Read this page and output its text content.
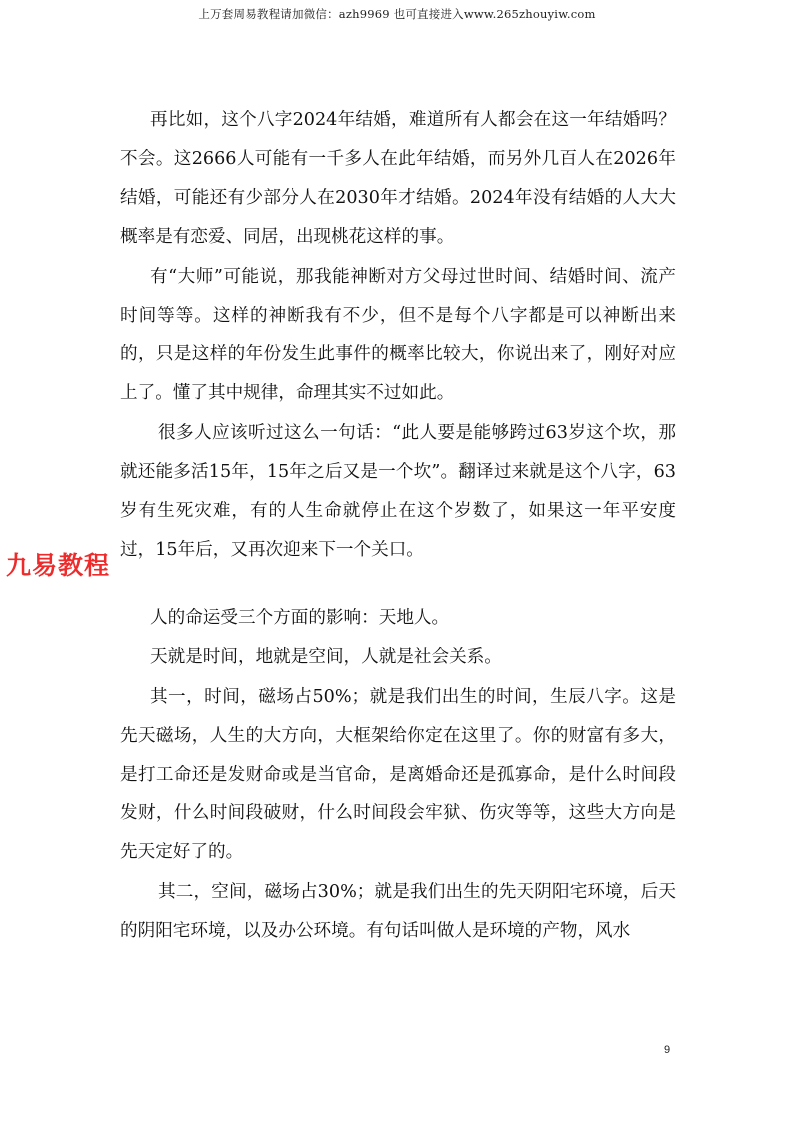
上万套周易教程请加微信：azh9969 也可直接进入www.265zhouyiw.com

再比如，这个八字2024年结婚，难道所有人都会在这一年结婚吗？不会。这2666人可能有一千多人在此年结婚，而另外几百人在2026年结婚，可能还有少部分人在2030年才结婚。2024年没有结婚的人大大概率是有恋爱、同居，出现桃花这样的事。

有“大师”可能说，那我能神断对方父母过世时间、结婚时间、流产时间等等。这样的神断我有不少，但不是每个八字都是可以神断出来的，只是这样的年份发生此事件的概率比较大，你说出来了，刚好对应上了。懂了其中规律，命理其实不过如此。

很多人应该听过这么一句话：“此人要是能够跨过63岁这个坎，那就还能多活15年，15年之后又是一个坎”。翻译过来就是这个八字，63岁有生死灾难，有的人生命就停止在这个岁数了，如果这一年平安度过，15年后，又再次迎来下一个关口。

人的命运受三个方面的影响：天地人。

天就是时间，地就是空间，人就是社会关系。

其一，时间，磁场占50%；就是我们出生的时间，生辰八字。这是先天磁场，人生的大方向，大框架给你定在这里了。你的财富有多大，是打工命还是发财命或是当官命，是离婚命还是孤寡命，是什么时间段发财，什么时间段破财，什么时间段会牢狱、伤灾等等，这些大方向是先天定好了的。

其二，空间，磁场占30%；就是我们出生的先天阴阳宅环境，后天的阴阳宅环境，以及办公环境。有句话叫做人是环境的产物，风水

九易教程
9
